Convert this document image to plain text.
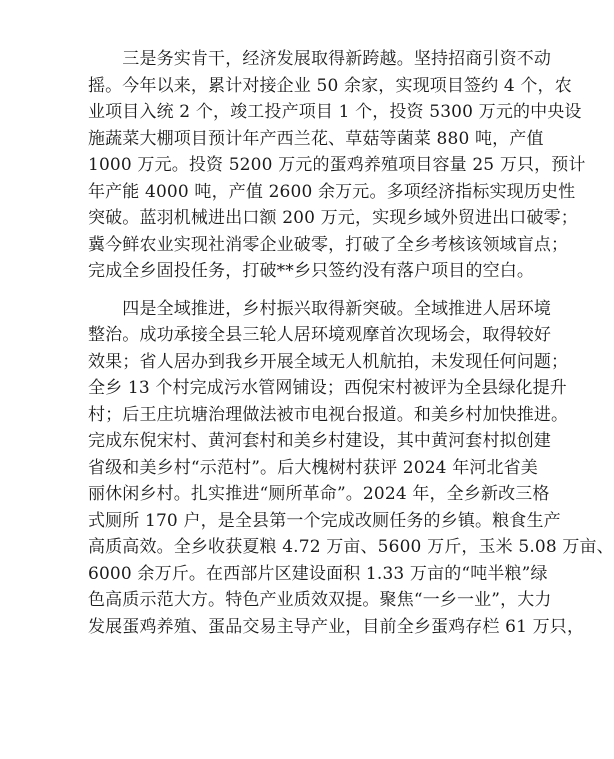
　　三是务实肯干，经济发展取得新跨越。坚持招商引资不动
摇。今年以来，累计对接企业 50 余家，实现项目签约 4 个，农
业项目入统 2 个，竣工投产项目 1 个，投资 5300 万元的中央设
施蔬菜大棚项目预计年产西兰花、草菇等菌菜 880 吨，产值
1000 万元。投资 5200 万元的蛋鸡养殖项目容量 25 万只，预计
年产能 4000 吨，产值 2600 余万元。多项经济指标实现历史性
突破。蓝羽机械进出口额 200 万元，实现乡域外贸进出口破零；
冀今鲜农业实现社消零企业破零，打破了全乡考核该领域盲点；
完成全乡固投任务，打破**乡只签约没有落户项目的空白。
　　四是全域推进，乡村振兴取得新突破。全域推进人居环境
整治。成功承接全县三轮人居环境观摩首次现场会，取得较好
效果；省人居办到我乡开展全域无人机航拍，未发现任何问题；
全乡 13 个村完成污水管网铺设；西倪宋村被评为全县绿化提升
村；后王庄坑塘治理做法被市电视台报道。和美乡村加快推进。
完成东倪宋村、黄河套村和美乡村建设，其中黄河套村拟创建
省级和美乡村“示范村”。后大槐树村获评 2024 年河北省美
丽休闲乡村。扎实推进“厕所革命”。2024 年，全乡新改三格
式厕所 170 户，是全县第一个完成改厕任务的乡镇。粮食生产
高质高效。全乡收获夏粮 4.72 万亩、5600 万斤，玉米 5.08 万亩、
6000 余万斤。在西部片区建设面积 1.33 万亩的“吨半粮”绿
色高质示范大方。特色产业质效双提。聚焦“一乡一业”，大力
发展蛋鸡养殖、蛋品交易主导产业，目前全乡蛋鸡存栏 61 万只，
